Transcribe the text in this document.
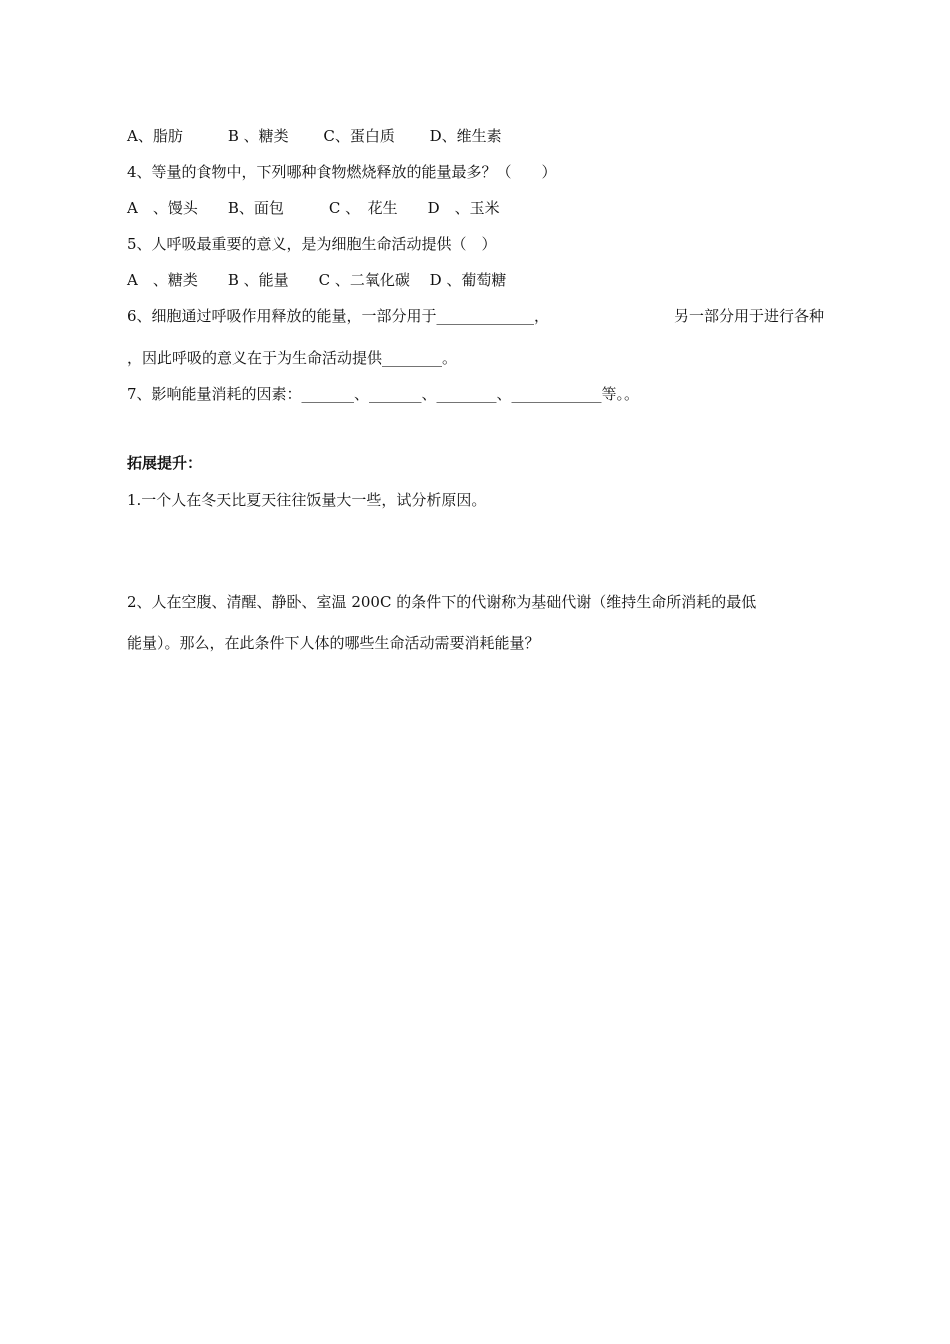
A、脂肪　　　B 、糖类　　 C、蛋白质　　 D、维生素
4、等量的食物中，下列哪种食物燃烧释放的能量最多？（　　）
A　、馒头　　B、面包　　　C 、　花生　　D　、玉米
5、人呼吸最重要的意义，是为细胞生命活动提供（　）
A　、糖类　　B 、能量　　C 、二氧化碳　 D 、葡萄糖
6、细胞通过呼吸作用释放的能量，一部分用于_____________，	另一部分用于进行各种
，因此呼吸的意义在于为生命活动提供________。
7、影响能量消耗的因素：_______、_______、________、____________等。。
拓展提升：
1.一个人在冬天比夏天往往饭量大一些，试分析原因。
2、人在空腹、清醒、静卧、室温 200C 的条件下的代谢称为基础代谢（维持生命所消耗的最低
能量）。那么，在此条件下人体的哪些生命活动需要消耗能量？
